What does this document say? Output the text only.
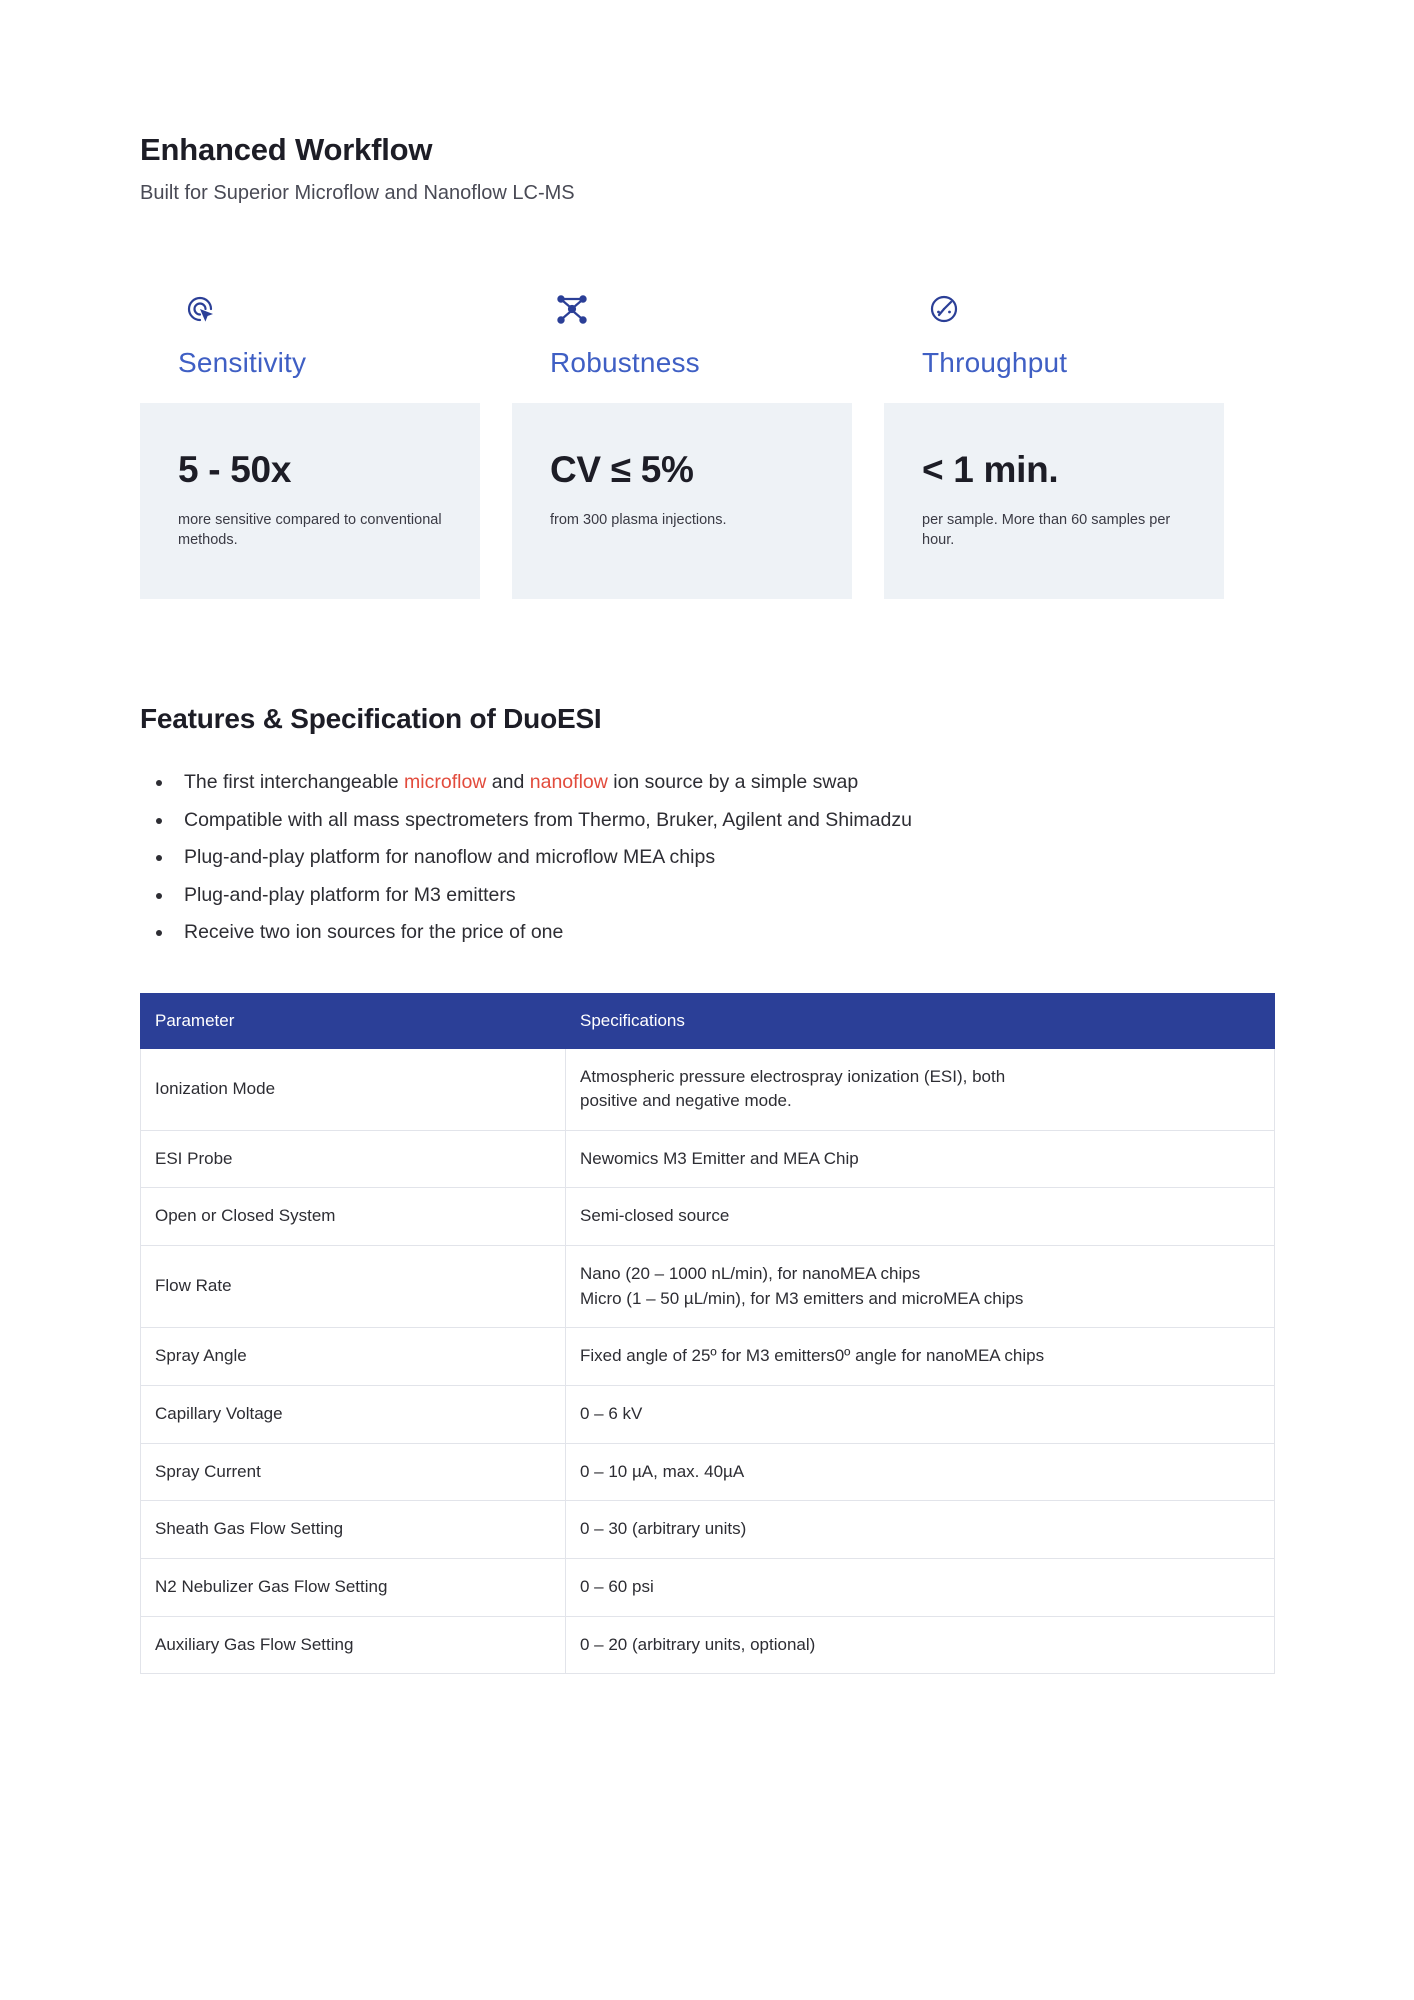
Enhanced Workflow

Built for Superior Microflow and Nanoflow LC-MS

Sensitivity
5 - 50x
more sensitive compared to conventional methods.
Robustness
CV ≤ 5%
from 300 plasma injections.
Throughput
< 1 min.
per sample. More than 60 samples per hour.
Features & Specification of DuoESI
• The first interchangeable microflow and nanoflow ion source by a simple swap
• Compatible with all mass spectrometers from Thermo, Bruker, Agilent and Shimadzu
• Plug-and-play platform for nanoflow and microflow MEA chips
• Plug-and-play platform for M3 emitters
• Receive two ion sources for the price of one
Parameter	Specifications
Ionization Mode	Atmospheric pressure electrospray ionization (ESI), both
positive and negative mode.

ESI Probe	Newomics M3 Emitter and MEA Chip

Open or Closed System	Semi-closed source

Flow Rate	Nano (20 – 1000 nL/min), for nanoMEA chips
Micro (1 – 50 µL/min), for M3 emitters and microMEA chips

Spray Angle	Fixed angle of 25º for M3 emitters0º angle for nanoMEA chips

Capillary Voltage	0 – 6 kV

Spray Current	0 – 10 µA, max. 40µA

Sheath Gas Flow Setting	0 – 30 (arbitrary units)

N2 Nebulizer Gas Flow Setting	0 – 60 psi

Auxiliary Gas Flow Setting	0 – 20 (arbitrary units, optional)
